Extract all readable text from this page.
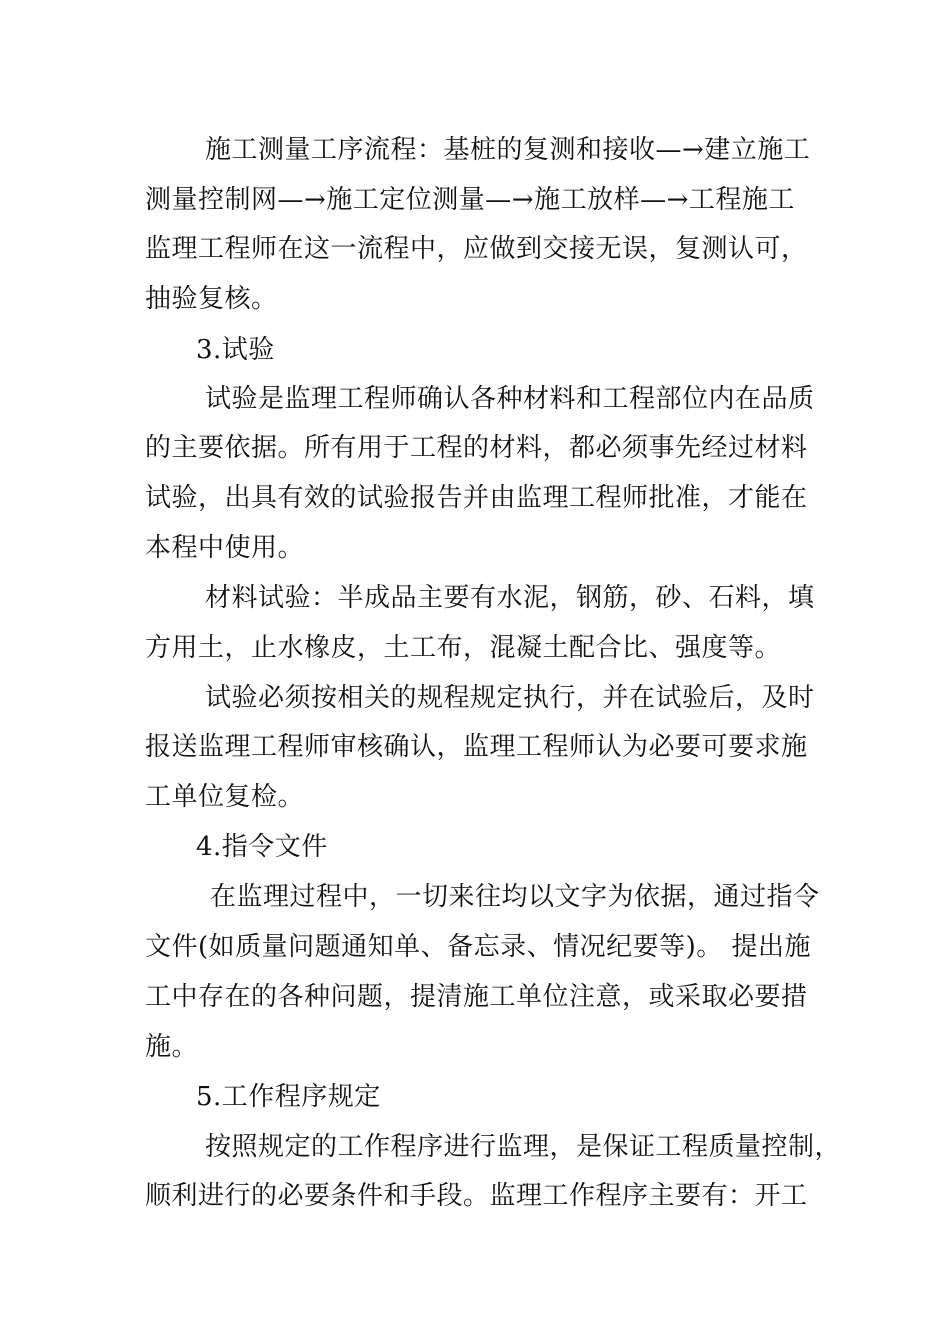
施工测量工序流程：基桩的复测和接收—→建立施工
测量控制网—→施工定位测量—→施工放样—→工程施工
监理工程师在这一流程中，应做到交接无误，复测认可，
抽验复核。
3.试验
试验是监理工程师确认各种材料和工程部位内在品质
的主要依据。所有用于工程的材料，都必须事先经过材料
试验，出具有效的试验报告并由监理工程师批准，才能在
本程中使用。
材料试验：半成品主要有水泥，钢筋，砂、石料，填
方用土，止水橡皮，土工布，混凝土配合比、强度等。
试验必须按相关的规程规定执行，并在试验后，及时
报送监理工程师审核确认，监理工程师认为必要可要求施
工单位复检。
4.指令文件
在监理过程中，一切来往均以文字为依据，通过指令
文件(如质量问题通知单、备忘录、情况纪要等)。 提出施
工中存在的各种问题，提清施工单位注意，或采取必要措
施。
5.工作程序规定
按照规定的工作程序进行监理，是保证工程质量控制，
顺利进行的必要条件和手段。监理工作程序主要有：开工
